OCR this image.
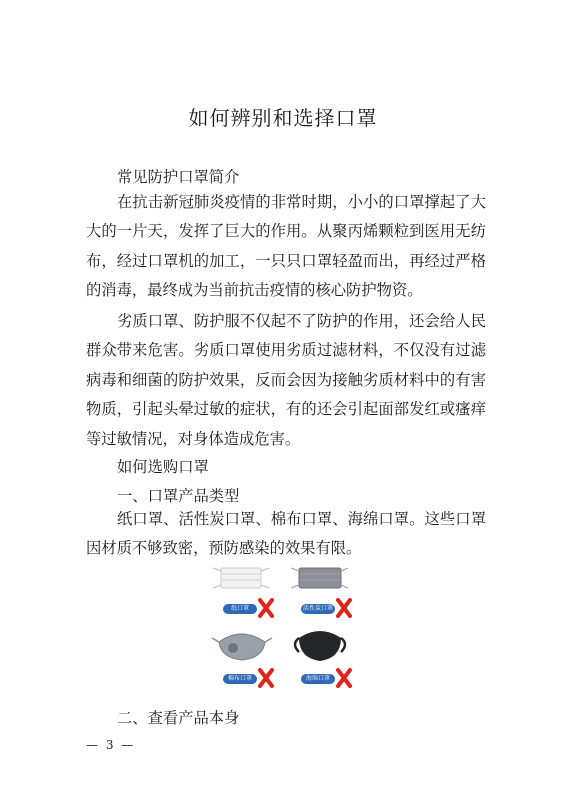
如何辨别和选择口罩

常见防护口罩简介

在抗击新冠肺炎疫情的非常时期，小小的口罩撑起了大大的一片天，发挥了巨大的作用。从聚丙烯颗粒到医用无纺布，经过口罩机的加工，一只只口罩轻盈而出，再经过严格的消毒，最终成为当前抗击疫情的核心防护物资。

劣质口罩、防护服不仅起不了防护的作用，还会给人民群众带来危害。劣质口罩使用劣质过滤材料，不仅没有过滤病毒和细菌的防护效果，反而会因为接触劣质材料中的有害物质，引起头晕过敏的症状，有的还会引起面部发红或瘙痒等过敏情况，对身体造成危害。

如何选购口罩

一、口罩产品类型

纸口罩、活性炭口罩、棉布口罩、海绵口罩。这些口罩因材质不够致密，预防感染的效果有限。

纸口罩	活性炭口罩
棉布口罩	海绵口罩

二、查看产品本身

— 3 —
